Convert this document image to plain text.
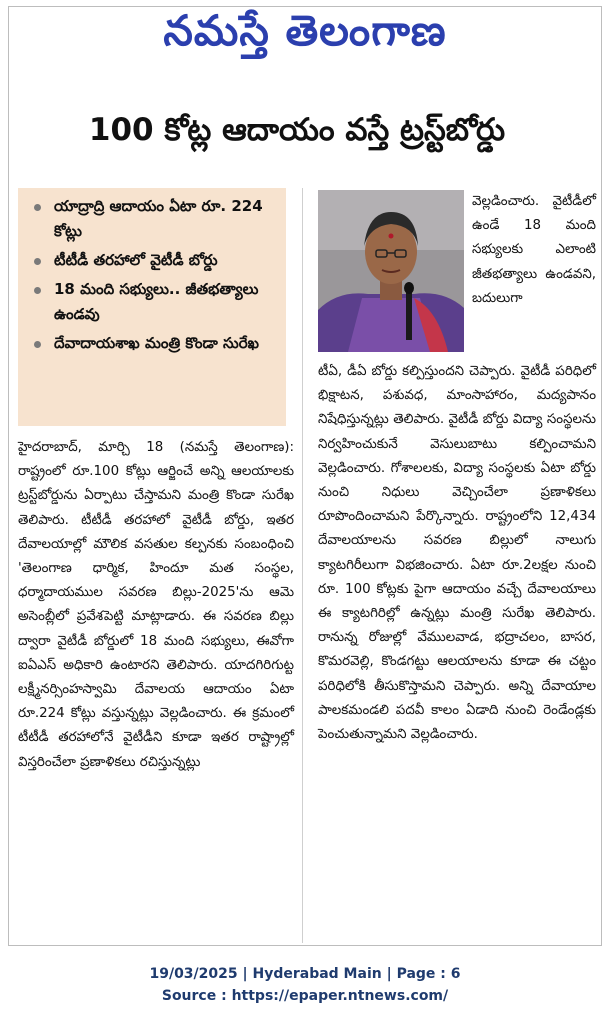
నమస్తే తెలంగాణ
100 కోట్ల ఆదాయం వస్తే ట్రస్ట్‌బోర్డు
యాద్రాద్రి ఆదాయం ఏటా రూ. 224 కోట్లు
టీటీడీ తరహాలో వైటీడీ బోర్డు
18 మంది సభ్యులు.. జీతభత్యాలు ఉండవు
దేవాదాయశాఖ మంత్రి కొండా సురేఖ

హైదరాబాద్, మార్చి 18 (నమస్తే తెలంగాణ): రాష్ట్రంలో రూ.100 కోట్లు ఆర్జించే అన్ని ఆలయాలకు ట్రస్ట్‌బోర్డును ఏర్పాటు చేస్తామని మంత్రి కొండా సురేఖ తెలిపారు. టీటీడీ తరహాలో వైటీడీ బోర్డు, ఇతర దేవాలయాల్లో మౌలిక వసతుల కల్పనకు సంబంధించి 'తెలంగాణ ధార్మిక, హిందూ మత సంస్థల, ధర్మాదాయముల సవరణ బిల్లు-2025'ను ఆమె అసెంబ్లీలో ప్రవేశపెట్టి మాట్లాడారు. ఈ సవరణ బిల్లు ద్వారా వైటీడీ బోర్డులో 18 మంది సభ్యులు, ఈవోగా ఐఏఎస్ అధికారి ఉంటారని తెలిపారు. యాదగిరిగుట్ట లక్ష్మీనర్సింహస్వామి దేవాలయ ఆదాయం ఏటా రూ.224 కోట్లు వస్తున్నట్లు వెల్లడించారు. ఈ క్రమంలో టీటీడీ తరహాలోనే వైటీడీని కూడా ఇతర రాష్ట్రాల్లో విస్తరించేలా ప్రణాళికలు రచిస్తున్నట్లు

వెల్లడించారు. వైటీడీలో ఉండే 18 మంది సభ్యులకు ఎలాంటి జీతభత్యాలు ఉండవని, బదులుగా

టీఏ, డీఏ బోర్డు కల్పిస్తుందని చెప్పారు. వైటీడీ పరిధిలో భిక్షాటన, పశువధ, మాంసాహారం, మద్యపానం నిషేధిస్తున్నట్లు తెలిపారు. వైటీడీ బోర్డు విద్యా సంస్థలను నిర్వహించుకునే వెసులుబాటు కల్పించామని వెల్లడించారు. గోశాలలకు, విద్యా సంస్థలకు ఏటా బోర్డు నుంచి నిధులు వెచ్చించేలా ప్రణాళికలు రూపొందించామని పేర్కొన్నారు. రాష్ట్రంలోని 12,434 దేవాలయాలను సవరణ బిల్లులో నాలుగు క్యాటగిరీలుగా విభజించారు. ఏటా రూ.2లక్షల నుంచి రూ. 100 కోట్లకు పైగా ఆదాయం వచ్చే దేవాలయాలు ఈ క్యాటగిరిల్లో ఉన్నట్లు మంత్రి సురేఖ తెలిపారు. రానున్న రోజుల్లో వేములవాడ, భద్రాచలం, బాసర, కొమరవెల్లి, కొండగట్టు ఆలయాలను కూడా ఈ చట్టం పరిధిలోకి తీసుకొస్తామని చెప్పారు. అన్ని దేవాయాల పాలకమండలి పదవీ కాలం ఏడాది నుంచి రెండేండ్లకు పెంచుతున్నామని వెల్లడించారు.

19/03/2025 | Hyderabad Main | Page : 6
Source : https://epaper.ntnews.com/
